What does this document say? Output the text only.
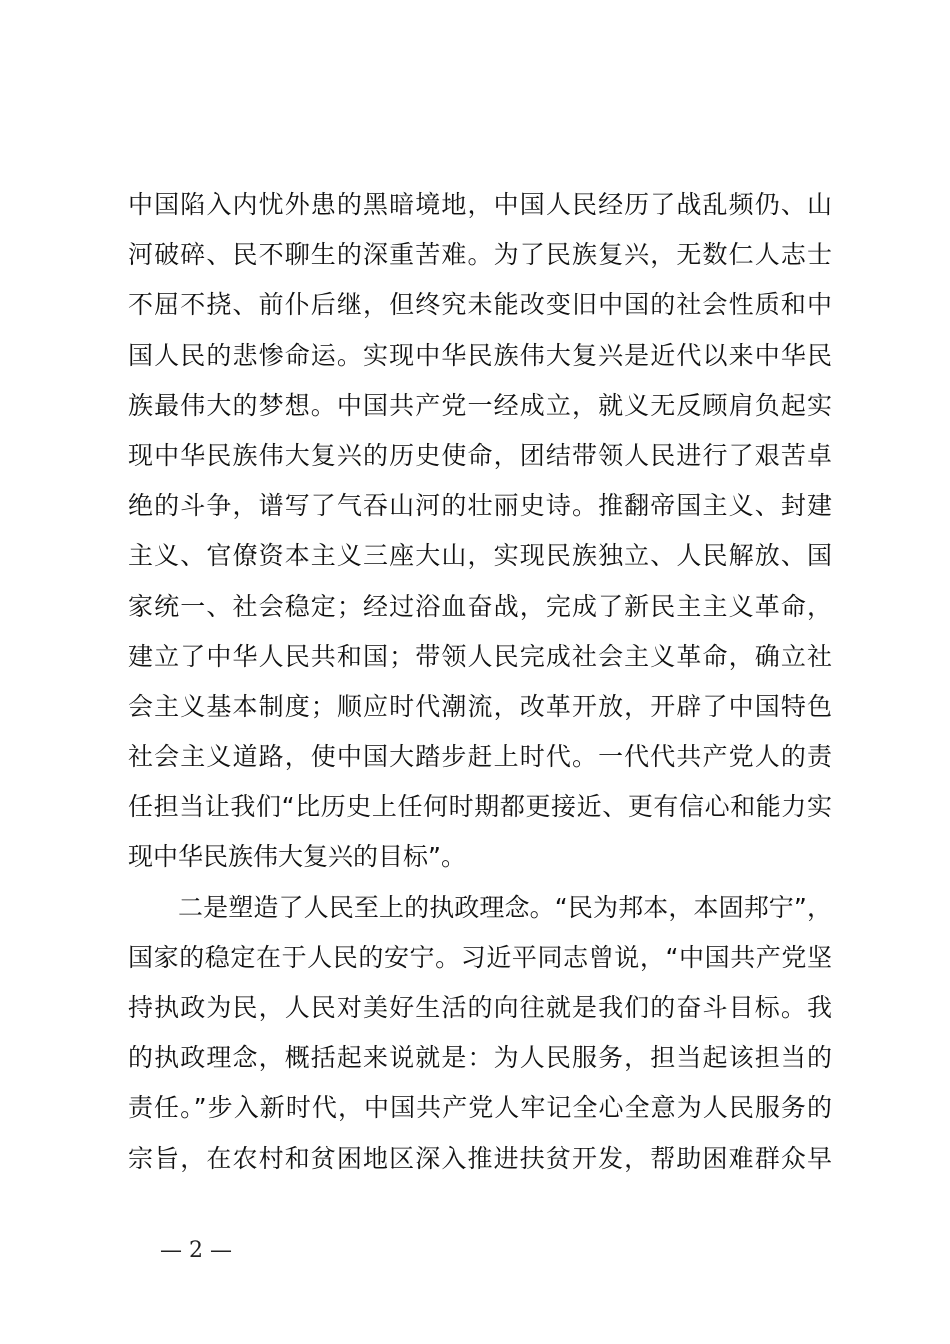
中国陷入内忧外患的黑暗境地，中国人民经历了战乱频仍、山
河破碎、民不聊生的深重苦难。为了民族复兴，无数仁人志士
不屈不挠、前仆后继，但终究未能改变旧中国的社会性质和中
国人民的悲惨命运。实现中华民族伟大复兴是近代以来中华民
族最伟大的梦想。中国共产党一经成立，就义无反顾肩负起实
现中华民族伟大复兴的历史使命，团结带领人民进行了艰苦卓
绝的斗争，谱写了气吞山河的壮丽史诗。推翻帝国主义、封建
主义、官僚资本主义三座大山，实现民族独立、人民解放、国
家统一、社会稳定；经过浴血奋战，完成了新民主主义革命，
建立了中华人民共和国；带领人民完成社会主义革命，确立社
会主义基本制度；顺应时代潮流，改革开放，开辟了中国特色
社会主义道路，使中国大踏步赶上时代。一代代共产党人的责
任担当让我们“比历史上任何时期都更接近、更有信心和能力实
现中华民族伟大复兴的目标”。
二是塑造了人民至上的执政理念。“民为邦本，本固邦宁”，
国家的稳定在于人民的安宁。习近平同志曾说，“中国共产党坚
持执政为民，人民对美好生活的向往就是我们的奋斗目标。我
的执政理念，概括起来说就是：为人民服务，担当起该担当的
责任。”步入新时代，中国共产党人牢记全心全意为人民服务的
宗旨，在农村和贫困地区深入推进扶贫开发，帮助困难群众早
— 2 —
